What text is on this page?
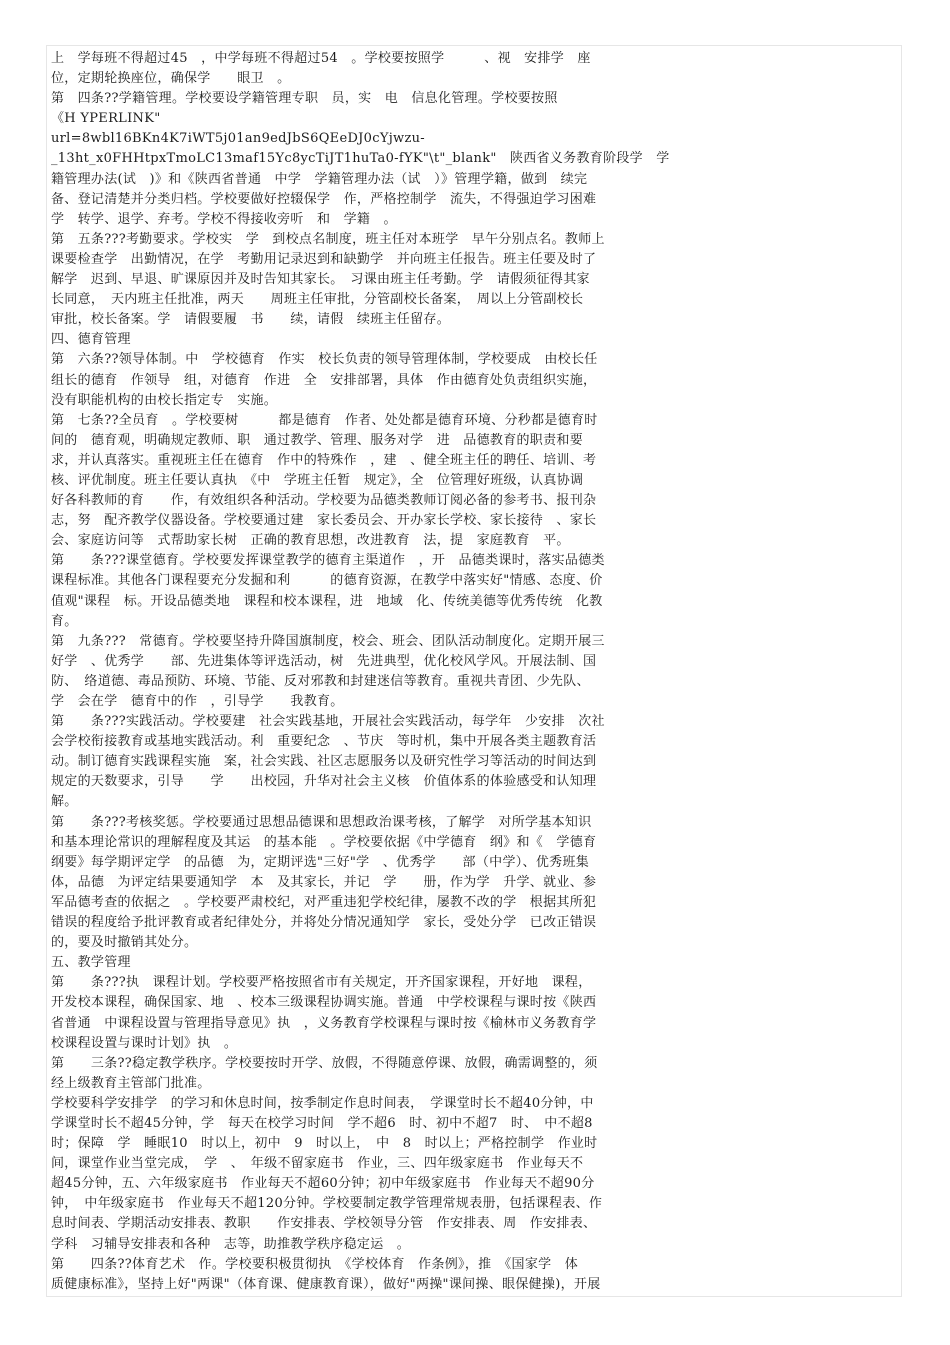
上　学每班不得超过45　，中学每班不得超过54　。学校要按照学　　　、视　安排学　座
位，定期轮换座位，确保学　　眼卫　。
第　四条??学籍管理。学校要设学籍管理专职　员，实　电　信息化管理。学校要按照
《H YPERLINK"
url=8wbl16BKn4K7iWT5j01an9edJbS6QEeDJ0cYjwzu-
_13ht_x0FHHtpxTmoLC13maf15Yc8ycTiJT1huTa0-fYK"\t"_blank"　陕西省义务教育阶段学　学
籍管理办法(试　)》和《陕西省普通　中学　学籍管理办法（试　）》管理学籍，做到　续完
备、登记清楚并分类归档。学校要做好控辍保学　作，严格控制学　流失，不得强迫学习困难
学　转学、退学、弃考。学校不得接收旁听　和　学籍　。
第　五条???考勤要求。学校实　学　到校点名制度，班主任对本班学　早午分别点名。教师上
课要检查学　出勤情况，在学　考勤用记录迟到和缺勤学　并向班主任报告。班主任要及时了
解学　迟到、早退、旷课原因并及时告知其家长。　习课由班主任考勤。学　请假须征得其家
长同意，　天内班主任批准，两天　　周班主任审批，分管副校长备案，　周以上分管副校长
审批，校长备案。学　请假要履　书　　续，请假　续班主任留存。
四、德育管理
第　六条??领导体制。中　学校德育　作实　校长负责的领导管理体制，学校要成　由校长任
组长的德育　作领导　组，对德育　作进　全　安排部署，具体　作由德育处负责组织实施，
没有职能机构的由校长指定专　实施。
第　七条??全员育　。学校要树　　　都是德育　作者、处处都是德育环境、分秒都是德育时
间的　德育观，明确规定教师、职　通过教学、管理、服务对学　进　品德教育的职责和要
求，并认真落实。重视班主任在德育　作中的特殊作　，建　、健全班主任的聘任、培训、考
核、评优制度。班主任要认真执　《中　学班主任暂　规定》，全　位管理好班级，认真协调
好各科教师的育　　作，有效组织各种活动。学校要为品德类教师订阅必备的参考书、报刊杂
志，努　配齐教学仪器设备。学校要通过建　家长委员会、开办家长学校、家长接待　、家长
会、家庭访问等　式帮助家长树　正确的教育思想，改进教育　法，提　家庭教育　平。
第　　条???课堂德育。学校要发挥课堂教学的德育主渠道作　，开　品德类课时，落实品德类
课程标准。其他各门课程要充分发掘和利　　　的德育资源，在教学中落实好"情感、态度、价
值观"课程　标。开设品德类地　课程和校本课程，进　地域　化、传统美德等优秀传统　化教
育。
第　九条???　常德育。学校要坚持升降国旗制度，校会、班会、团队活动制度化。定期开展三
好学　、优秀学　　部、先进集体等评选活动，树　先进典型，优化校风学风。开展法制、国
防、　络道德、毒品预防、环境、节能、反对邪教和封建迷信等教育。重视共青团、少先队、
学　会在学　德育中的作　，引导学　　我教育。
第　　条???实践活动。学校要建　社会实践基地，开展社会实践活动，每学年　少安排　次社
会学校衔接教育或基地实践活动。利　重要纪念　、节庆　等时机，集中开展各类主题教育活
动。制订德育实践课程实施　案，社会实践、社区志愿服务以及研究性学习等活动的时间达到
规定的天数要求，引导　　学　　出校园，升华对社会主义核　价值体系的体验感受和认知理
解。
第　　条???考核奖惩。学校要通过思想品德课和思想政治课考核，了解学　对所学基本知识
和基本理论常识的理解程度及其运　的基本能　。学校要依据《中学德育　纲》和《　学德育
纲要》每学期评定学　的品德　为，定期评选"三好"学　、优秀学　　部（中学）、优秀班集
体，品德　为评定结果要通知学　本　及其家长，并记　学　　册，作为学　升学、就业、参
军品德考查的依据之　。学校要严肃校纪，对严重违犯学校纪律，屡教不改的学　根据其所犯
错误的程度给予批评教育或者纪律处分，并将处分情况通知学　家长，受处分学　已改正错误
的，要及时撤销其处分。
五、教学管理
第　　条???执　课程计划。学校要严格按照省市有关规定，开齐国家课程，开好地　课程，
开发校本课程，确保国家、地　、校本三级课程协调实施。普通　中学校课程与课时按《陕西
省普通　中课程设置与管理指导意见》执　，义务教育学校课程与课时按《榆林市义务教育学
校课程设置与课时计划》执　。
第　　三条??稳定教学秩序。学校要按时开学、放假，不得随意停课、放假，确需调整的，须
经上级教育主管部门批准。
学校要科学安排学　的学习和休息时间，按季制定作息时间表，　学课堂时长不超40分钟，中
学课堂时长不超45分钟，学　每天在校学习时间　学不超6　时、初中不超7　时、　中不超8
时；保障　学　睡眠10　时以上，初中　9　时以上，　中　8　时以上；严格控制学　作业时
间，课堂作业当堂完成，　学　、　年级不留家庭书　作业，三、四年级家庭书　作业每天不
超45分钟，五、六年级家庭书　作业每天不超60分钟；初中年级家庭书　作业每天不超90分
钟，　中年级家庭书　作业每天不超120分钟。学校要制定教学管理常规表册，包括课程表、作
息时间表、学期活动安排表、教职　　作安排表、学校领导分管　作安排表、周　作安排表、
学科　习辅导安排表和各种　志等，助推教学秩序稳定运　。
第　　四条??体育艺术　作。学校要积极贯彻执　《学校体育　作条例》，推　《国家学　体
质健康标准》，坚持上好"两课"（体育课、健康教育课），做好"两操"课间操、眼保健操)，开展
